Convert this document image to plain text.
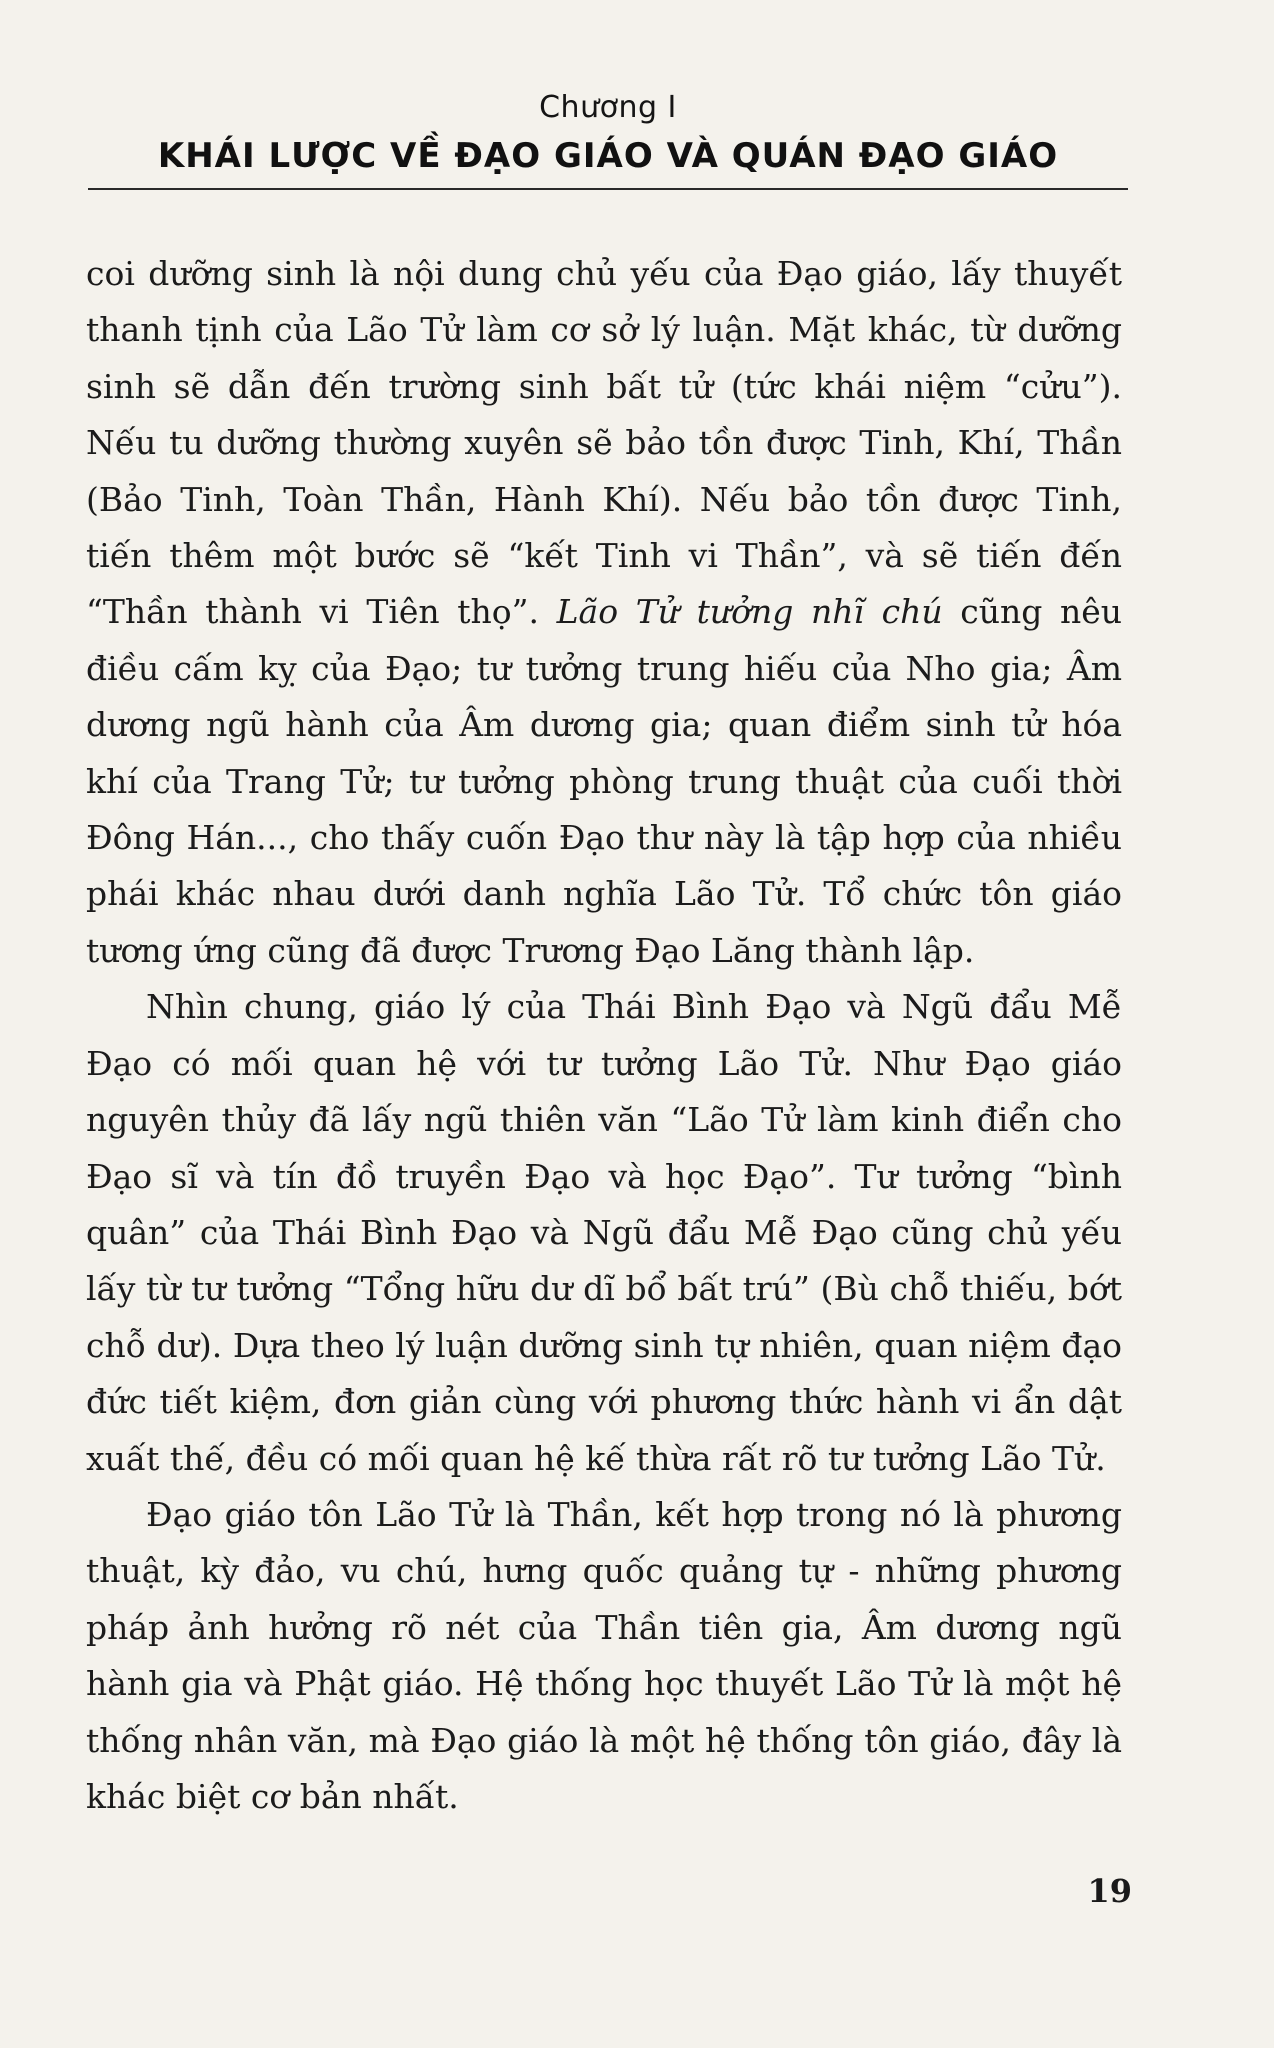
Chương I
KHÁI LƯỢC VỀ ĐẠO GIÁO VÀ QUÁN ĐẠO GIÁO

coi dưỡng sinh là nội dung chủ yếu của Đạo giáo, lấy thuyết thanh tịnh của Lão Tử làm cơ sở lý luận. Mặt khác, từ dưỡng sinh sẽ dẫn đến trường sinh bất tử (tức khái niệm “cửu”). Nếu tu dưỡng thường xuyên sẽ bảo tồn được Tinh, Khí, Thần (Bảo Tinh, Toàn Thần, Hành Khí). Nếu bảo tồn được Tinh, tiến thêm một bước sẽ “kết Tinh vi Thần”, và sẽ tiến đến “Thần thành vi Tiên thọ”. Lão Tử tưởng nhĩ chú cũng nêu điều cấm kỵ của Đạo; tư tưởng trung hiếu của Nho gia; Âm dương ngũ hành của Âm dương gia; quan điểm sinh tử hóa khí của Trang Tử; tư tưởng phòng trung thuật của cuối thời Đông Hán..., cho thấy cuốn Đạo thư này là tập hợp của nhiều phái khác nhau dưới danh nghĩa Lão Tử. Tổ chức tôn giáo tương ứng cũng đã được Trương Đạo Lăng thành lập.

Nhìn chung, giáo lý của Thái Bình Đạo và Ngũ đẩu Mễ Đạo có mối quan hệ với tư tưởng Lão Tử. Như Đạo giáo nguyên thủy đã lấy ngũ thiên văn “Lão Tử làm kinh điển cho Đạo sĩ và tín đồ truyền Đạo và học Đạo”. Tư tưởng “bình quân” của Thái Bình Đạo và Ngũ đẩu Mễ Đạo cũng chủ yếu lấy từ tư tưởng “Tổng hữu dư dĩ bổ bất trú” (Bù chỗ thiếu, bớt chỗ dư). Dựa theo lý luận dưỡng sinh tự nhiên, quan niệm đạo đức tiết kiệm, đơn giản cùng với phương thức hành vi ẩn dật xuất thế, đều có mối quan hệ kế thừa rất rõ tư tưởng Lão Tử.

Đạo giáo tôn Lão Tử là Thần, kết hợp trong nó là phương thuật, kỳ đảo, vu chú, hưng quốc quảng tự - những phương pháp ảnh hưởng rõ nét của Thần tiên gia, Âm dương ngũ hành gia và Phật giáo. Hệ thống học thuyết Lão Tử là một hệ thống nhân văn, mà Đạo giáo là một hệ thống tôn giáo, đây là khác biệt cơ bản nhất.

19
